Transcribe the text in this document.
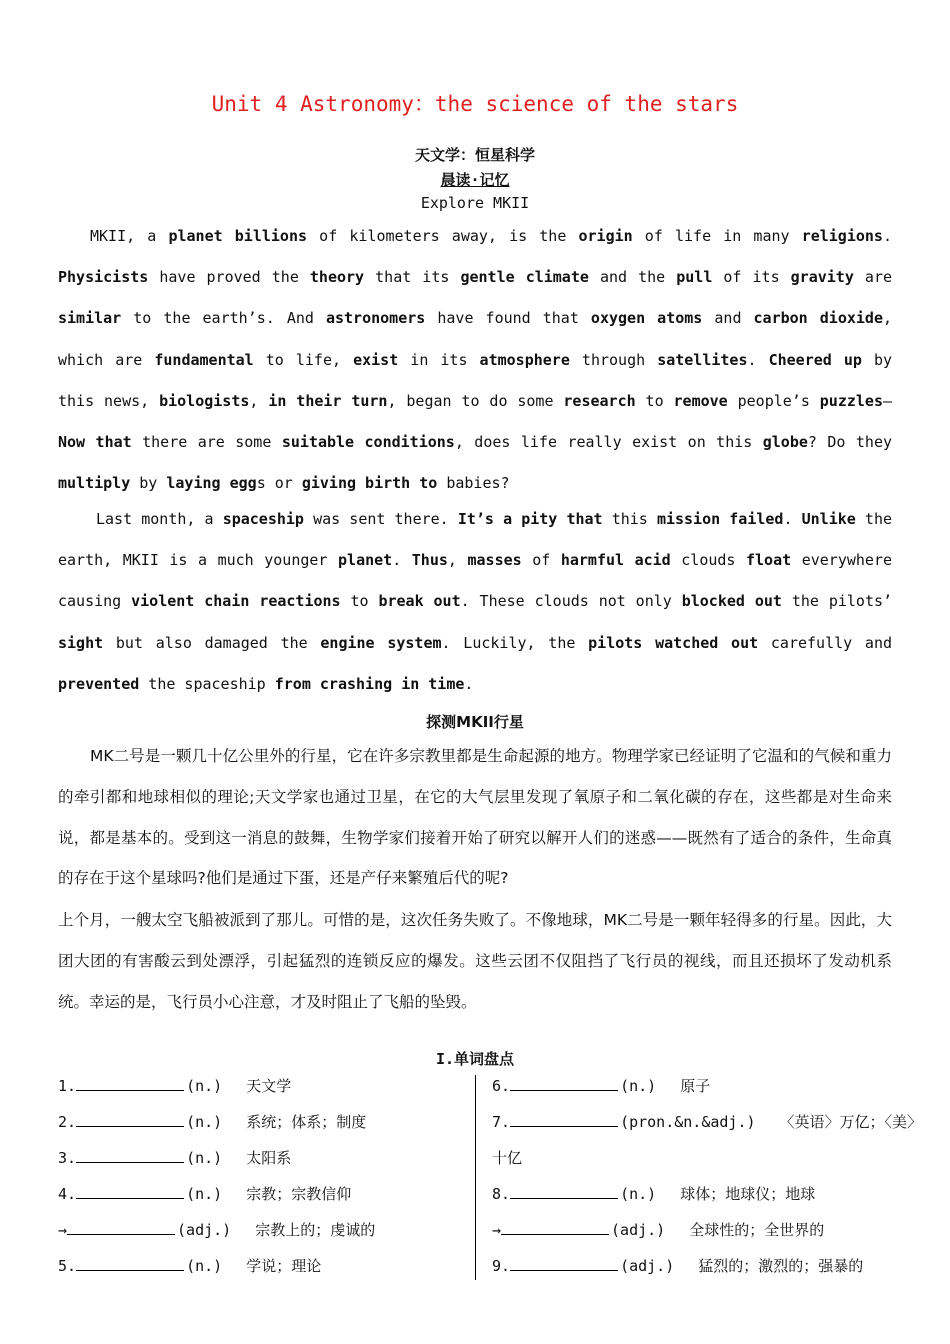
Unit 4 Astronomy：the science of the stars
天文学：恒星科学
晨读·记忆
Explore MKII

MKII, a planet billions of kilometers away, is the origin of life in many religions. Physicists have proved the theory that its gentle climate and the pull of its gravity are similar to the earth’s. And astronomers have found that oxygen atoms and carbon dioxide, which are fundamental to life, exist in its atmosphere through satellites. Cheered up by this news, biologists, in their turn, began to do some research to remove people’s puzzles—Now that there are some suitable conditions, does life really exist on this globe? Do they multiply by laying eggs or giving birth to babies?

Last month, a spaceship was sent there. It’s a pity that this mission failed. Unlike the earth, MKII is a much younger planet. Thus, masses of harmful acid clouds float everywhere causing violent chain reactions to break out. These clouds not only blocked out the pilots’ sight but also damaged the engine system. Luckily, the pilots watched out carefully and prevented the spaceship from crashing in time.

探测MKII行星

MK二号是一颗几十亿公里外的行星，它在许多宗教里都是生命起源的地方。物理学家已经证明了它温和的气候和重力的牵引都和地球相似的理论;天文学家也通过卫星，在它的大气层里发现了氧原子和二氧化碳的存在，这些都是对生命来说，都是基本的。受到这一消息的鼓舞，生物学家们接着开始了研究以解开人们的迷惑——既然有了适合的条件，生命真的存在于这个星球吗?他们是通过下蛋，还是产仔来繁殖后代的呢?

上个月，一艘太空飞船被派到了那儿。可惜的是，这次任务失败了。不像地球，MK二号是一颗年轻得多的行星。因此，大团大团的有害酸云到处漂浮，引起猛烈的连锁反应的爆发。这些云团不仅阻挡了飞行员的视线，而且还损坏了发动机系统。幸运的是，飞行员小心注意，才及时阻止了飞船的坠毁。

I.单词盘点
1.	(n.) 天文学
2.	(n.) 系统；体系；制度
3.	(n.) 太阳系
4.	(n.) 宗教；宗教信仰
→	(adj.) 宗教上的；虔诚的
5.	(n.) 学说；理论
6.	(n.) 原子
7.	(pron.&n.&adj.) 〈英语〉万亿；〈美〉
十亿
8.	(n.) 球体；地球仪；地球
→	(adj.) 全球性的；全世界的
9.	(adj.) 猛烈的；激烈的；强暴的
